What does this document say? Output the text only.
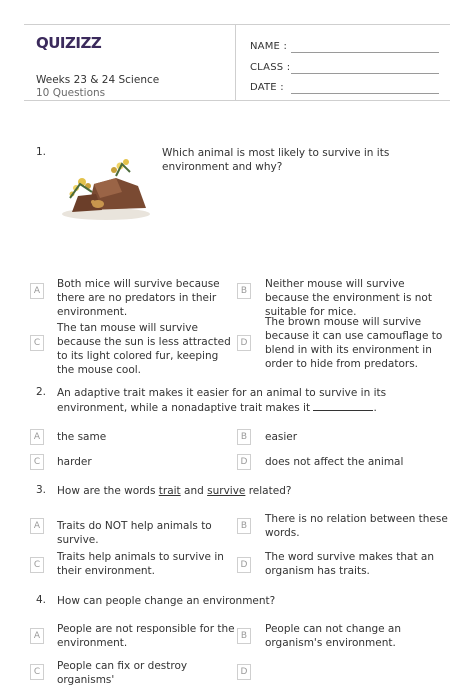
QUIZIZZ
Weeks 23 & 24 Science
10 Questions
NAME :
CLASS :
DATE :
1.	Which animal is most likely to survive in its environment and why?
A
Both mice will survive because there are no predators in their environment.
B
Neither mouse will survive because the environment is not suitable for mice.
C
The tan mouse will survive because the sun is less attracted to its light colored fur, keeping the mouse cool.
D
The brown mouse will survive because it can use camouflage to blend in with its environment in order to hide from predators.
2. An adaptive trait makes it easier for an animal to survive in its environment, while a nonadaptive trait makes it	.
A	the same	B	easier
C	harder	D	does not affect the animal
3. How are the words trait and survive related?
A	Traits do NOT help animals to survive.
B
There is no relation between these words.
C
Traits help animals to survive in their environment.	D
The word survive makes that an organism has traits.
4. How can people change an environment?
A
People are not responsible for the environment.
B
People can not change an organism's environment.
C	People can fix or destroy organisms'
D
